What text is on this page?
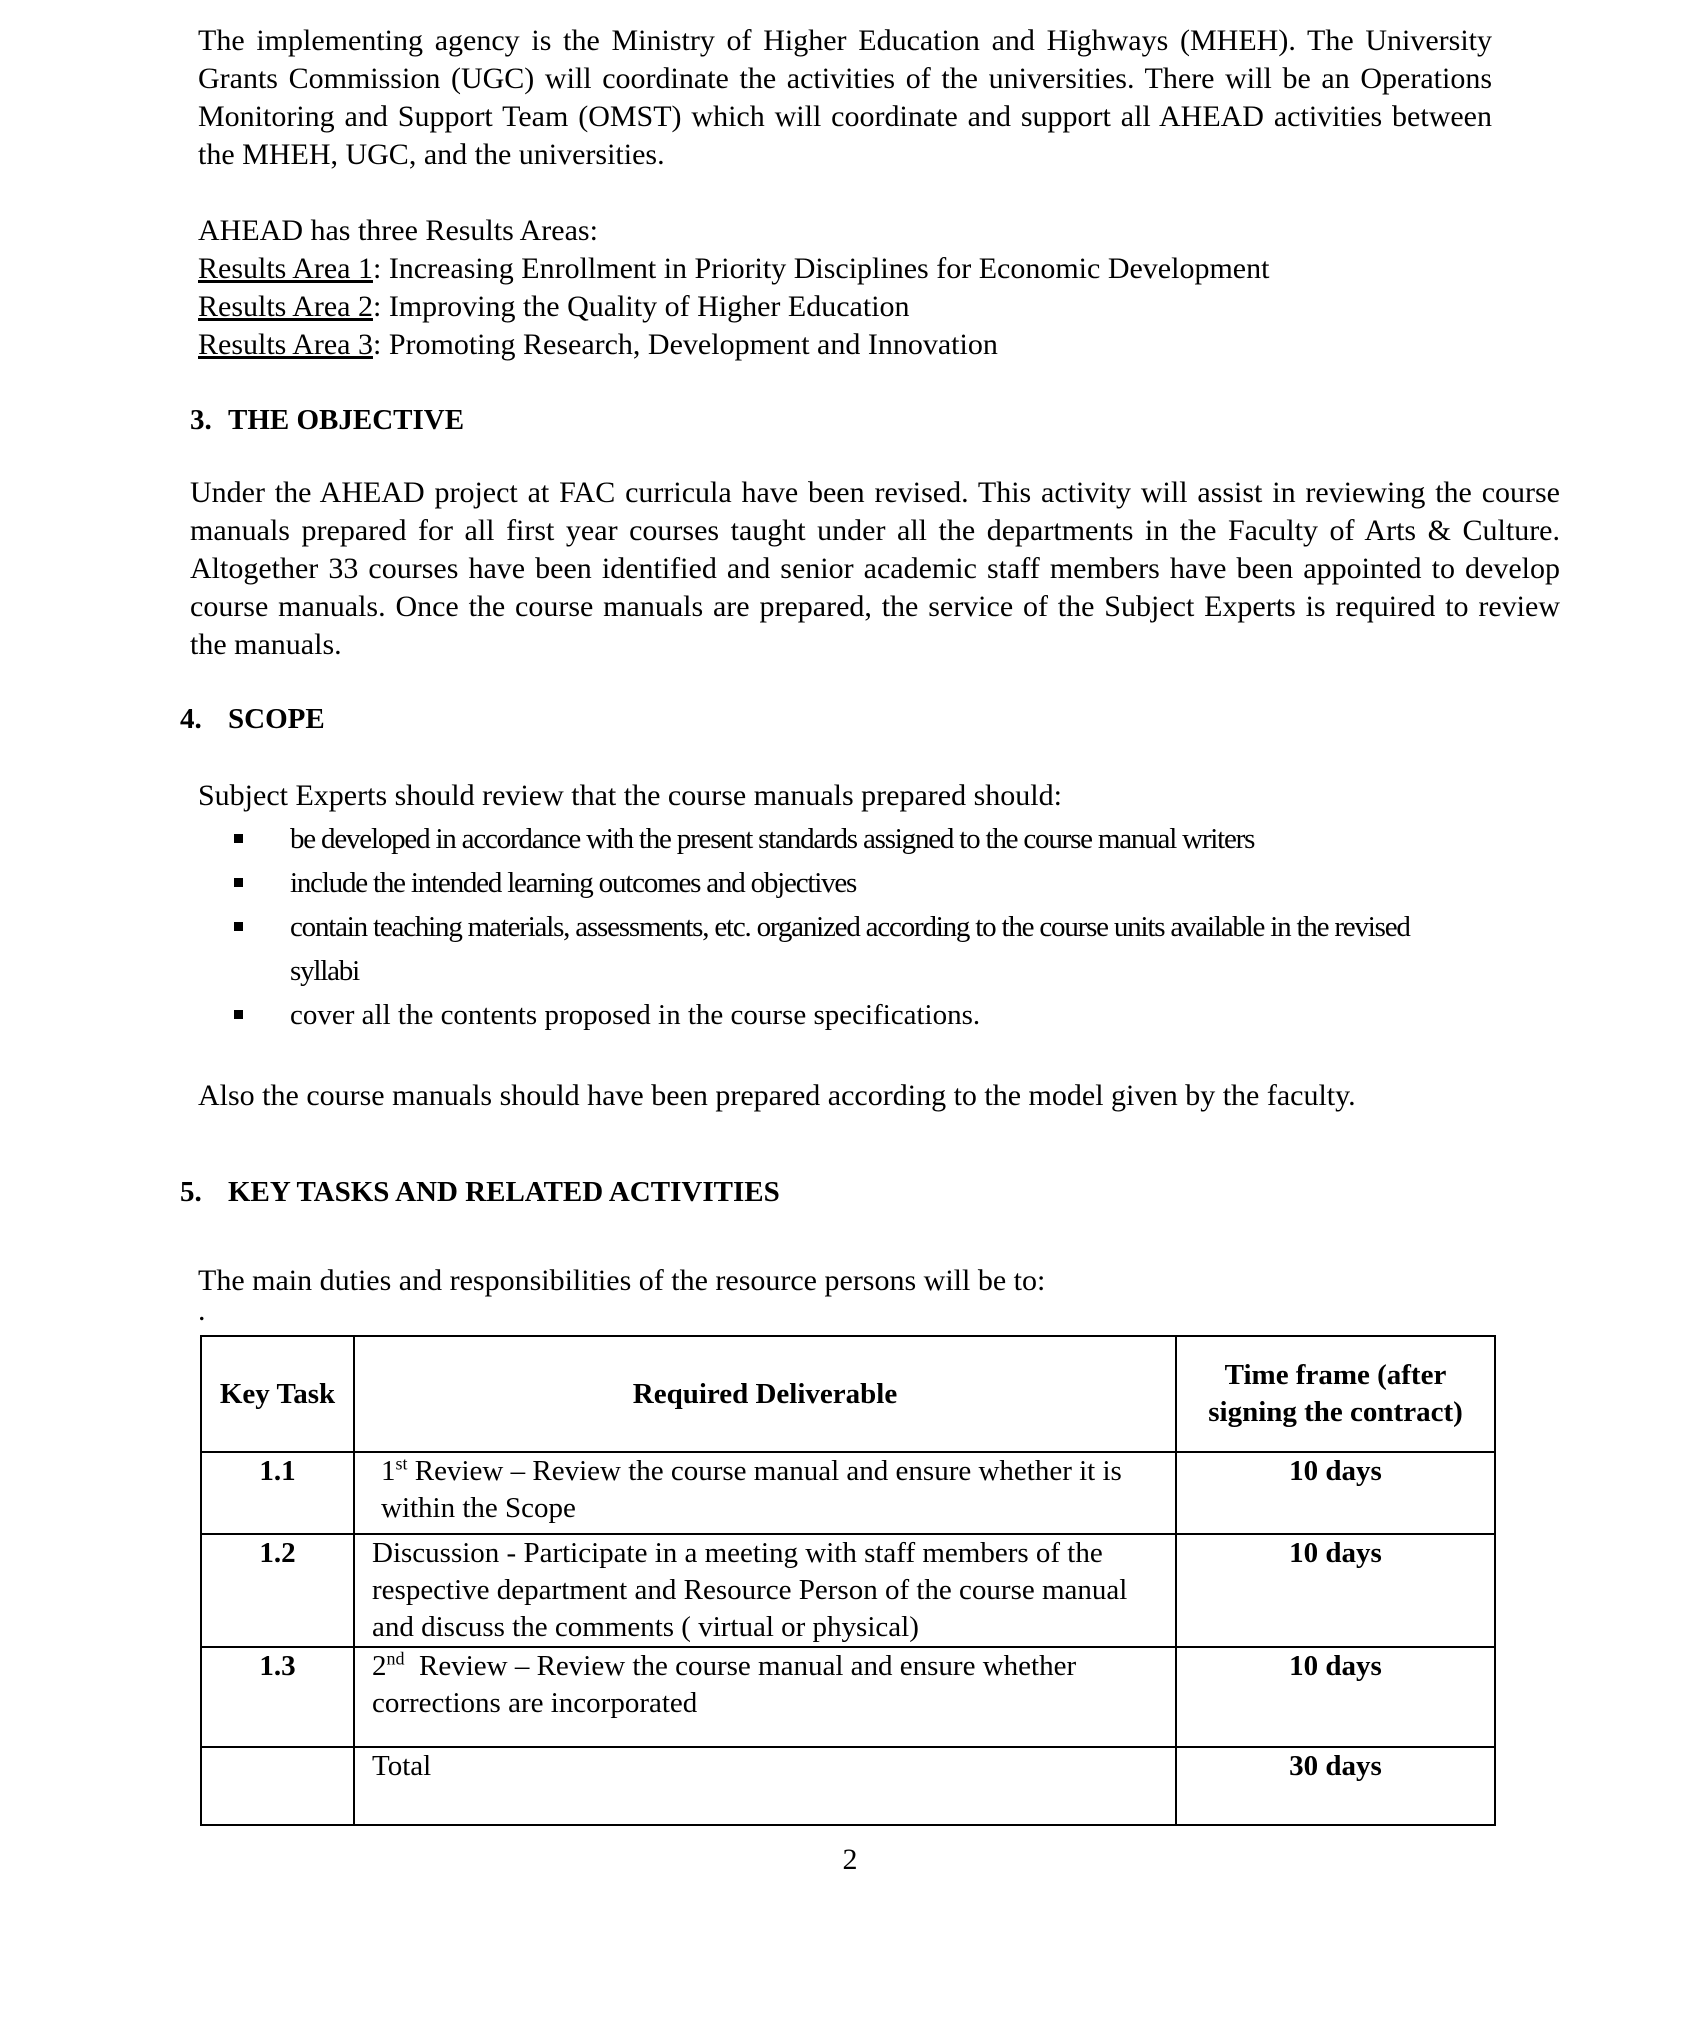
The implementing agency is the Ministry of Higher Education and Highways (MHEH). The University Grants Commission (UGC) will coordinate the activities of the universities. There will be an Operations Monitoring and Support Team (OMST) which will coordinate and support all AHEAD activities between the MHEH, UGC, and the universities.

AHEAD has three Results Areas:

Results Area 1: Increasing Enrollment in Priority Disciplines for Economic Development

Results Area 2: Improving the Quality of Higher Education

Results Area 3: Promoting Research, Development and Innovation

3. THE OBJECTIVE

Under the AHEAD project at FAC curricula have been revised. This activity will assist in reviewing the course manuals prepared for all first year courses taught under all the departments in the Faculty of Arts & Culture. Altogether 33 courses have been identified and senior academic staff members have been appointed to develop course manuals. Once the course manuals are prepared, the service of the Subject Experts is required to review the manuals.

4. SCOPE

Subject Experts should review that the course manuals prepared should:

be developed in accordance with the present standards assigned to the course manual writers
include the intended learning outcomes and objectives
contain teaching materials, assessments, etc. organized according to the course units available in the revised syllabi
cover all the contents proposed in the course specifications.

Also the course manuals should have been prepared according to the model given by the faculty.

5. KEY TASKS AND RELATED ACTIVITIES

The main duties and responsibilities of the resource persons will be to:

.

Key Task	Required Deliverable	Time frame (after signing the contract)
1.1	1st Review – Review the course manual and ensure whether it is within the Scope	10 days
1.2	Discussion - Participate in a meeting with staff members of the respective department and Resource Person of the course manual and discuss the comments ( virtual or physical)	10 days
1.3	2nd  Review – Review the course manual and ensure whether corrections are incorporated	10 days
	Total	30 days
2
